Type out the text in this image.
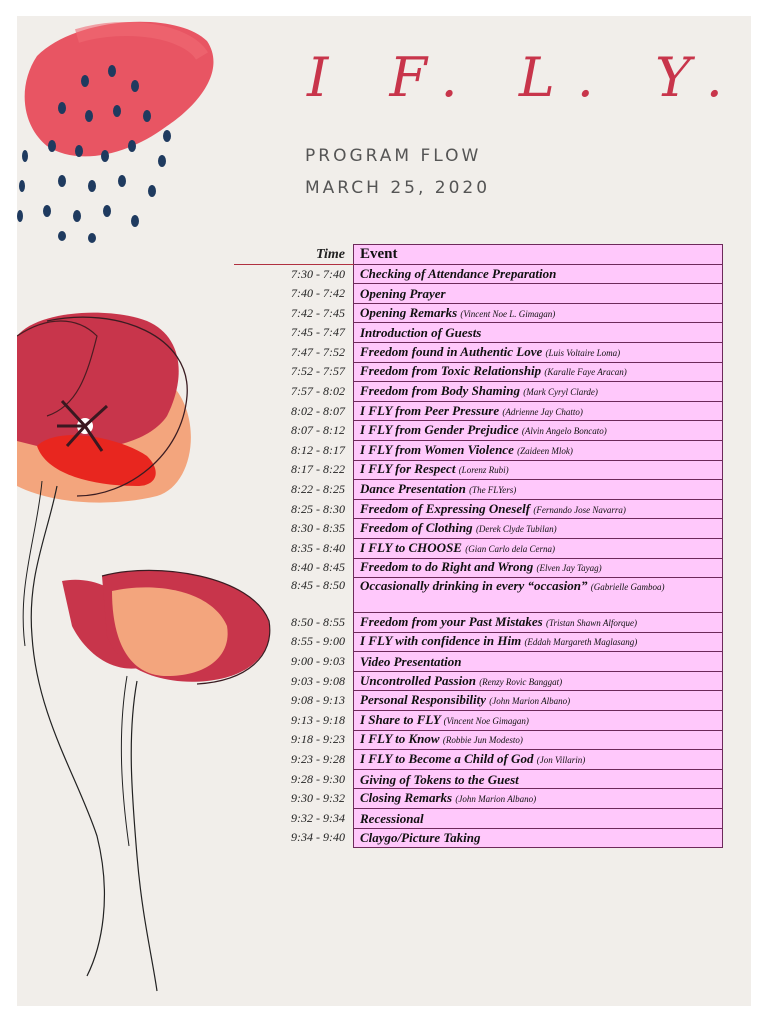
I F. L. Y.
PROGRAM FLOW
MARCH 25, 2020
Time	Event
7:30 - 7:40	Checking of Attendance Preparation
7:40 - 7:42	Opening Prayer
7:42 - 7:45	Opening Remarks (Vincent Noe L. Gimagan)
7:45 - 7:47	Introduction of Guests
7:47 - 7:52	Freedom found in Authentic Love (Luis Voltaire Loma)
7:52 - 7:57	Freedom from Toxic Relationship (Karalle Faye Aracan)
7:57 - 8:02	Freedom from Body Shaming (Mark Cyryl Clarde)
8:02 - 8:07	I FLY from Peer Pressure (Adrienne Jay Chatto)
8:07 - 8:12	I FLY from Gender Prejudice (Alvin Angelo Boncato)
8:12 - 8:17	I FLY from Women Violence (Zaideen Mlok)
8:17 - 8:22	I FLY for Respect (Lorenz Rubi)
8:22 - 8:25	Dance Presentation (The FLYers)
8:25 - 8:30	Freedom of Expressing Oneself (Fernando Jose Navarra)
8:30 - 8:35	Freedom of Clothing (Derek Clyde Tubilan)
8:35 - 8:40	I FLY to CHOOSE (Gian Carlo dela Cerna)
8:40 - 8:45	Freedom to do Right and Wrong (Elven Jay Tayag)
8:45 - 8:50	Occasionally drinking in every “occasion” (Gabrielle Gamboa)
8:50 - 8:55	Freedom from your Past Mistakes (Tristan Shawn Alforque)
8:55 - 9:00	I FLY with confidence in Him (Eddah Margareth Maglasang)
9:00 - 9:03	Video Presentation
9:03 - 9:08	Uncontrolled Passion (Renzy Rovic Banggat)
9:08 - 9:13	Personal Responsibility (John Marion Albano)
9:13 - 9:18	I Share to FLY (Vincent Noe Gimagan)
9:18 - 9:23	I FLY to Know (Robbie Jun Modesto)
9:23 - 9:28	I FLY to Become a Child of God (Jon Villarin)
9:28 - 9:30	Giving of Tokens to the Guest
9:30 - 9:32	Closing Remarks (John Marion Albano)
9:32 - 9:34	Recessional
9:34 - 9:40	Claygo/Picture Taking
